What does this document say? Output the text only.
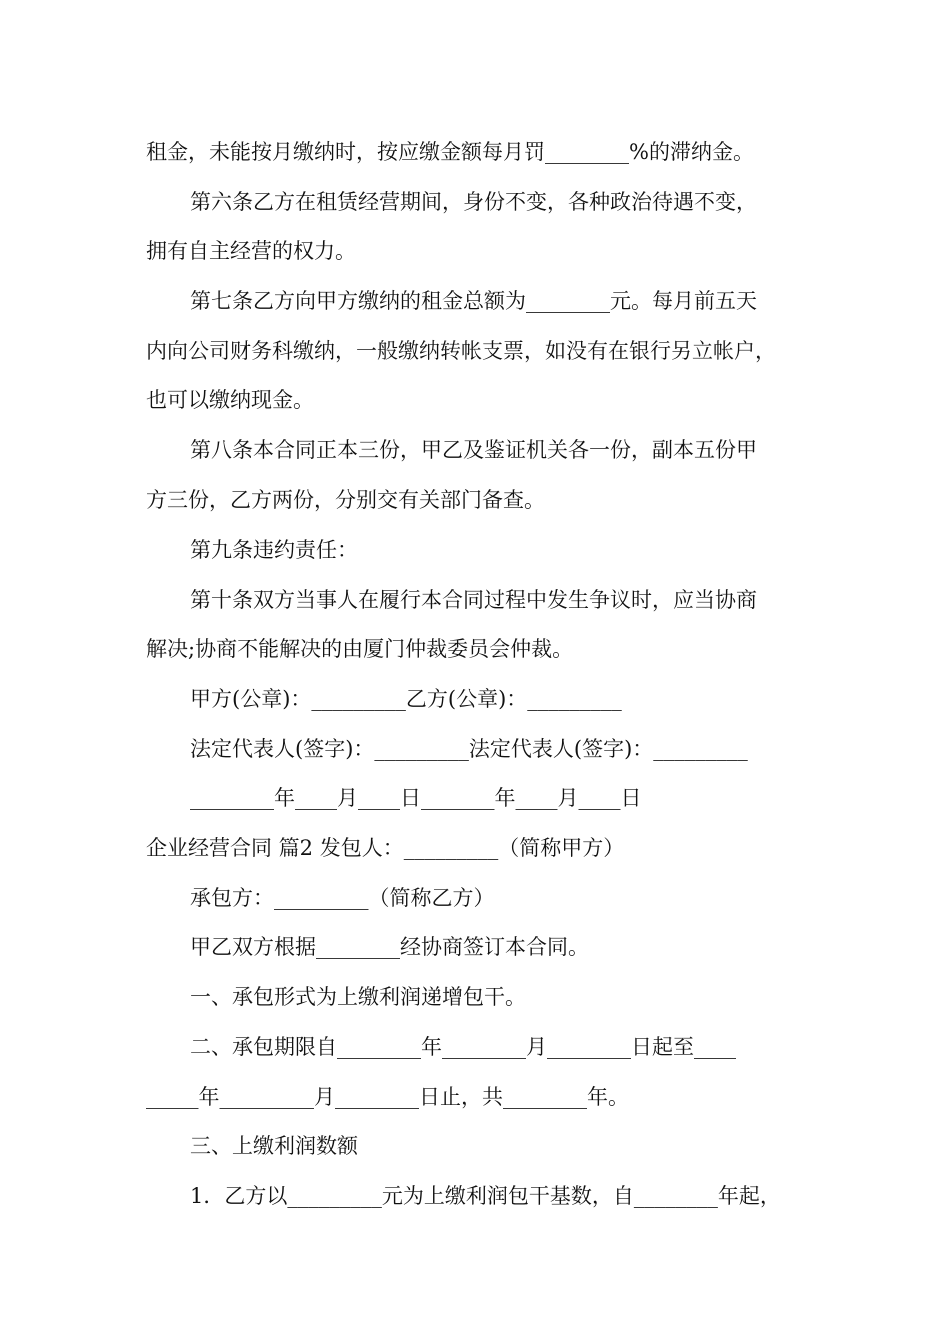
租金，未能按月缴纳时，按应缴金额每月罚________%的滞纳金。
第六条乙方在租赁经营期间，身份不变，各种政治待遇不变，
拥有自主经营的权力。
第七条乙方向甲方缴纳的租金总额为________元。每月前五天
内向公司财务科缴纳，一般缴纳转帐支票，如没有在银行另立帐户，
也可以缴纳现金。
第八条本合同正本三份，甲乙及鉴证机关各一份，副本五份甲
方三份，乙方两份，分别交有关部门备查。
第九条违约责任：
第十条双方当事人在履行本合同过程中发生争议时，应当协商
解决;协商不能解决的由厦门仲裁委员会仲裁。
甲方(公章)：_________乙方(公章)：_________
法定代表人(签字)：_________法定代表人(签字)：_________
________年____月____日_______年____月____日
企业经营合同 篇2 发包人：_________（简称甲方）
承包方：_________（简称乙方）
甲乙双方根据________经协商签订本合同。
一、承包形式为上缴利润递增包干。
二、承包期限自________年________月________日起至____
_____年_________月________日止，共________年。
三、上缴利润数额
1．乙方以_________元为上缴利润包干基数，自________年起，
